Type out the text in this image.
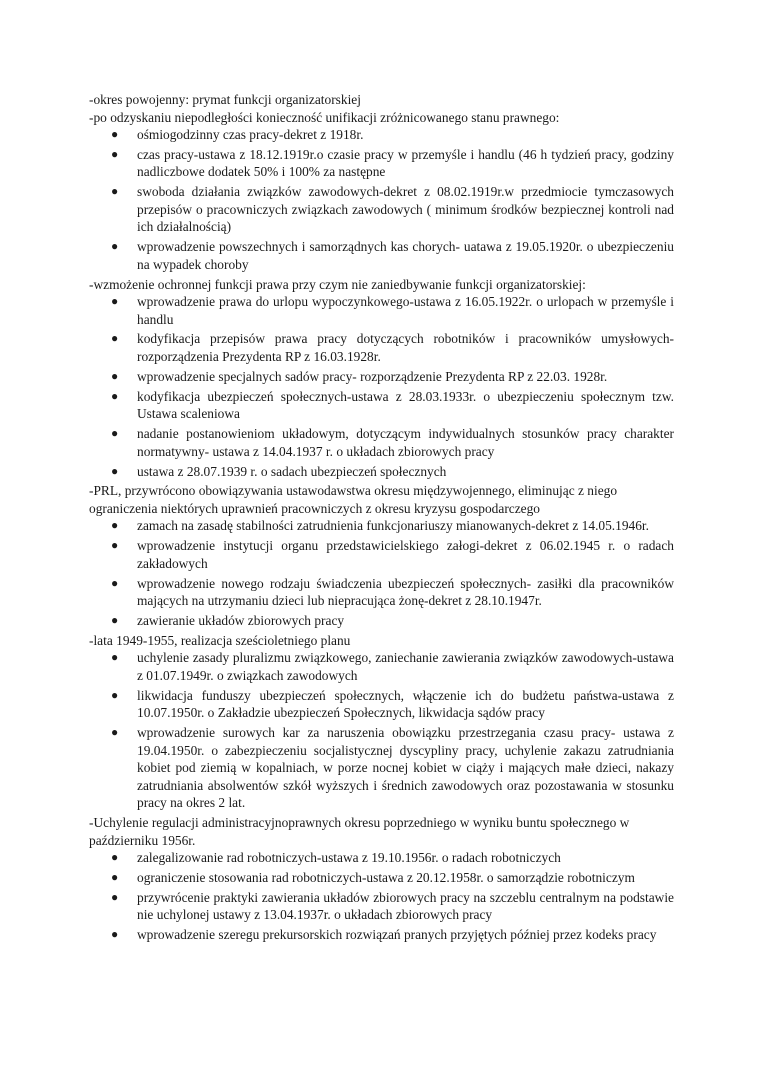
-okres powojenny: prymat funkcji organizatorskiej

-po odzyskaniu niepodległości konieczność unifikacji zróżnicowanego stanu prawnego:

● ośmiogodzinny czas pracy-dekret z 1918r.
● czas pracy-ustawa z 18.12.1919r.o czasie pracy w przemyśle i handlu (46 h tydzień pracy, godziny nadliczbowe dodatek 50% i 100% za następne
● swoboda działania związków zawodowych-dekret z 08.02.1919r.w przedmiocie tymczasowych przepisów o pracowniczych związkach zawodowych ( minimum środków bezpiecznej kontroli nad ich działalnością)
● wprowadzenie powszechnych i samorządnych kas chorych- uatawa z 19.05.1920r. o ubezpieczeniu na wypadek choroby

-wzmożenie ochronnej funkcji prawa przy czym nie zaniedbywanie funkcji organizatorskiej:

● wprowadzenie prawa do urlopu wypoczynkowego-ustawa z 16.05.1922r. o urlopach w przemyśle i handlu
● kodyfikacja przepisów prawa pracy dotyczących robotników i pracowników umysłowych-rozporządzenia Prezydenta RP z 16.03.1928r.
● wprowadzenie specjalnych sadów pracy- rozporządzenie Prezydenta RP z 22.03. 1928r.
● kodyfikacja ubezpieczeń społecznych-ustawa z 28.03.1933r. o ubezpieczeniu społecznym tzw. Ustawa scaleniowa
● nadanie postanowieniom układowym, dotyczącym indywidualnych stosunków pracy charakter normatywny- ustawa z 14.04.1937 r. o układach zbiorowych pracy
● ustawa z 28.07.1939 r. o sadach ubezpieczeń społecznych

-PRL, przywrócono obowiązywania ustawodawstwa okresu międzywojennego, eliminując z niego ograniczenia niektórych uprawnień pracowniczych z okresu kryzysu gospodarczego

● zamach na zasadę stabilności zatrudnienia funkcjonariuszy mianowanych-dekret z 14.05.1946r.
● wprowadzenie instytucji organu przedstawicielskiego załogi-dekret z 06.02.1945 r. o radach zakładowych
● wprowadzenie nowego rodzaju świadczenia ubezpieczeń społecznych- zasiłki dla pracowników mających na utrzymaniu dzieci lub niepracująca żonę-dekret z 28.10.1947r.
● zawieranie układów zbiorowych pracy

-lata 1949-1955, realizacja sześcioletniego planu

● uchylenie zasady pluralizmu związkowego, zaniechanie zawierania związków zawodowych-ustawa z 01.07.1949r. o związkach zawodowych
● likwidacja funduszy ubezpieczeń społecznych, włączenie ich do budżetu państwa-ustawa z 10.07.1950r. o Zakładzie ubezpieczeń Społecznych, likwidacja sądów pracy
● wprowadzenie surowych kar za naruszenia obowiązku przestrzegania czasu pracy- ustawa z 19.04.1950r. o zabezpieczeniu socjalistycznej dyscypliny pracy, uchylenie zakazu zatrudniania kobiet pod ziemią w kopalniach, w porze nocnej kobiet w ciąży i mających małe dzieci, nakazy zatrudniania absolwentów szkół wyższych i średnich zawodowych oraz pozostawania w stosunku pracy na okres 2 lat.

-Uchylenie regulacji administracyjnoprawnych okresu poprzedniego w wyniku buntu społecznego w październiku 1956r.

● zalegalizowanie rad robotniczych-ustawa z 19.10.1956r. o radach robotniczych
● ograniczenie stosowania rad robotniczych-ustawa z 20.12.1958r. o samorządzie robotniczym
● przywrócenie praktyki zawierania układów zbiorowych pracy na szczeblu centralnym na podstawie nie uchylonej ustawy z 13.04.1937r. o układach zbiorowych pracy
● wprowadzenie szeregu prekursorskich rozwiązań pranych przyjętych później przez kodeks pracy
